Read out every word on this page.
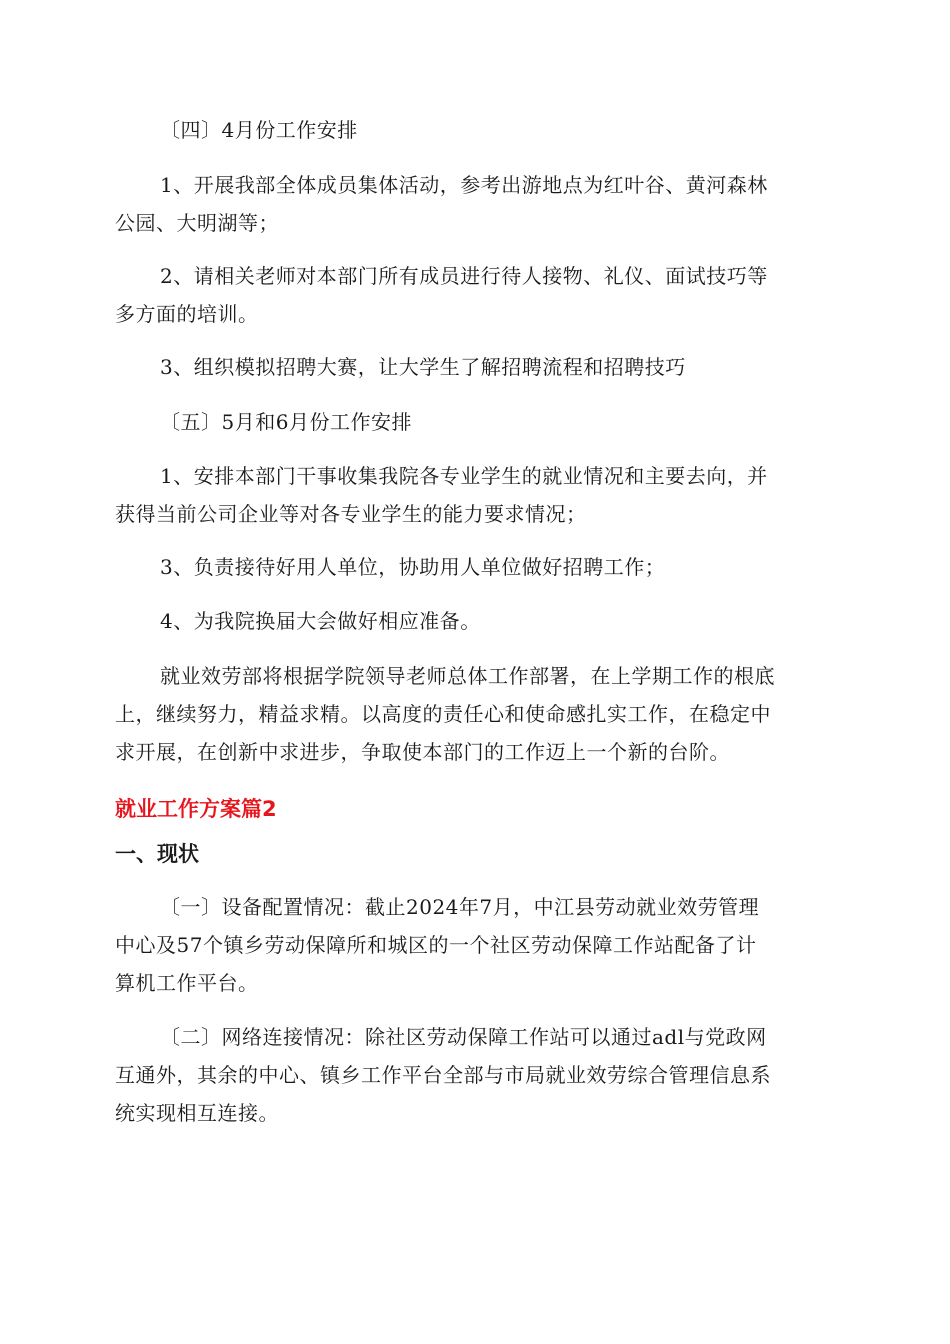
〔四〕4月份工作安排
1、开展我部全体成员集体活动，参考出游地点为红叶谷、黄河森林
公园、大明湖等；
2、请相关老师对本部门所有成员进行待人接物、礼仪、面试技巧等
多方面的培训。
3、组织模拟招聘大赛，让大学生了解招聘流程和招聘技巧
〔五〕5月和6月份工作安排
1、安排本部门干事收集我院各专业学生的就业情况和主要去向，并
获得当前公司企业等对各专业学生的能力要求情况；
3、负责接待好用人单位，协助用人单位做好招聘工作；
4、为我院换届大会做好相应准备。
就业效劳部将根据学院领导老师总体工作部署，在上学期工作的根底
上，继续努力，精益求精。以高度的责任心和使命感扎实工作，在稳定中
求开展，在创新中求进步，争取使本部门的工作迈上一个新的台阶。
就业工作方案篇2
一、现状
〔一〕设备配置情况：截止2024年7月，中江县劳动就业效劳管理
中心及57个镇乡劳动保障所和城区的一个社区劳动保障工作站配备了计
算机工作平台。
〔二〕网络连接情况：除社区劳动保障工作站可以通过adl与党政网
互通外，其余的中心、镇乡工作平台全部与市局就业效劳综合管理信息系
统实现相互连接。
